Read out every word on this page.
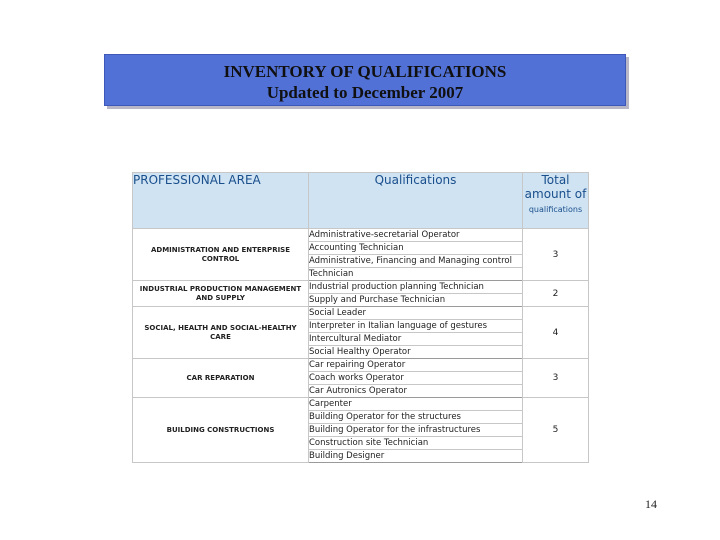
INVENTORY OF QUALIFICATIONS
Updated to December 2007
PROFESSIONAL AREA	Qualifications	Total amount of
qualifications

ADMINISTRATION AND ENTERPRISE CONTROL	Administrative-secretarial Operator	3
	Accounting Technician	
	Administrative, Financing and Managing control	
	Technician	
INDUSTRIAL PRODUCTION MANAGEMENT AND SUPPLY	Industrial production planning Technician	2
	Supply and Purchase Technician	
SOCIAL, HEALTH AND SOCIAL-HEALTHY CARE	Social Leader	4
	Interpreter in Italian language of gestures	
	Intercultural Mediator	
	Social Healthy Operator	
CAR REPARATION	Car repairing Operator	3
	Coach works Operator	
	Car Autronics Operator	
BUILDING CONSTRUCTIONS	Carpenter	5
	Building Operator for the structures	
	Building Operator for the infrastructures	
	Construction site Technician	
	Building Designer	
14
